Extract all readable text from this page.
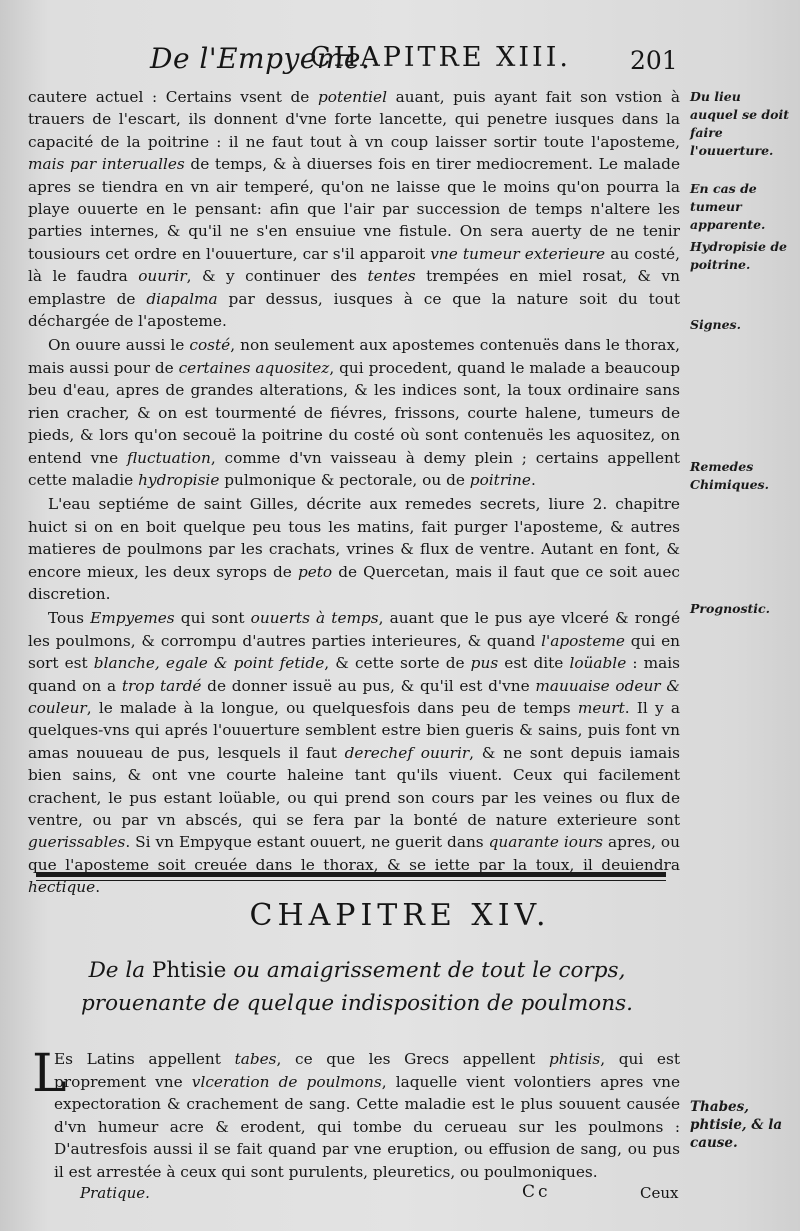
De l'Empyeme.
CHAPITRE XIII. 201

cautere actuel : Certains vsent de potentiel auant, puis ayant fait son vstion à trauers de l'escart, ils donnent d'vne forte lancette, qui penetre iusques dans la capacité de la poitrine : il ne faut tout à vn coup laisser sortir toute l'aposteme, mais par interualles de temps, & à diuerses fois en tirer mediocrement. Le malade apres se tiendra en vn air temperé, qu'on ne laisse que le moins qu'on pourra la playe ouuerte en le pensant: afin que l'air par succession de temps n'altere les parties internes, & qu'il ne s'en ensuiue vne fistule. On sera auerty de ne tenir tousiours cet ordre en l'ouuerture, car s'il apparoit vne tumeur exterieure au costé, là le faudra ouurir, & y continuer des tentes trempées en miel rosat, & vn emplastre de diapalma par dessus, iusques à ce que la nature soit du tout déchargée de l'aposteme.

On ouure aussi le costé, non seulement aux apostemes contenuës dans le thorax, mais aussi pour de certaines aquositez, qui procedent, quand le malade a beaucoup beu d'eau, apres de grandes alterations, & les indices sont, la toux ordinaire sans rien cracher, & on est tourmenté de fiévres, frissons, courte halene, tumeurs de pieds, & lors qu'on secouë la poitrine du costé où sont contenuës les aquositez, on entend vne fluctuation, comme d'vn vaisseau à demy plein ; certains appellent cette maladie hydropisie pulmonique & pectorale, ou de poitrine.

L'eau septiéme de saint Gilles, décrite aux remedes secrets, liure 2. chapitre huict si on en boit quelque peu tous les matins, fait purger l'aposteme, & autres matieres de poulmons par les crachats, vrines & flux de ventre. Autant en font, & encore mieux, les deux syrops de peto de Quercetan, mais il faut que ce soit auec discretion.

Tous Empyemes qui sont ouuerts à temps, auant que le pus aye vlceré & rongé les poulmons, & corrompu d'autres parties interieures, & quand l'aposteme qui en sort est blanche, egale & point fetide, & cette sorte de pus est dite loüable : mais quand on a trop tardé de donner issuë au pus, & qu'il est d'vne mauuaise odeur & couleur, le malade à la longue, ou quelquesfois dans peu de temps meurt. Il y a quelques-vns qui aprés l'ouuerture semblent estre bien gueris & sains, puis font vn amas nouueau de pus, lesquels il faut derechef ouurir, & ne sont depuis iamais bien sains, & ont vne courte haleine tant qu'ils viuent. Ceux qui facilement crachent, le pus estant loüable, ou qui prend son cours par les veines ou flux de ventre, ou par vn abscés, qui se fera par la bonté de nature exterieure sont guerissables. Si vn Empyque estant ouuert, ne guerit dans quarante iours apres, ou que l'aposteme soit creuée dans le thorax, & se iette par la toux, il deuiendra hectique.

Du lieu auquel se doit faire l'ouuerture.
En cas de tumeur apparente.
Hydropisie de poitrine.
Signes.
Remedes Chimiques.
Prognostic.
CHAPITRE XIV.
De la Phtisie ou amaigrissement de tout le corps, prouenante de quelque indisposition de poulmons.
L

Es Latins appellent tabes, ce que les Grecs appellent phtisis, qui est proprement vne vlceration de poulmons, laquelle vient volontiers apres vne expectoration & crachement de sang. Cette maladie est le plus souuent causée d'vn humeur acre & erodent, qui tombe du cerueau sur les poulmons : D'autresfois aussi il se fait quand par vne eruption, ou effusion de sang, ou pus il est arrestée à ceux qui sont purulents, pleuretics, ou poulmoniques.

Thabes, phtisie, & la cause.
Pratique.	Cc	Ceux
